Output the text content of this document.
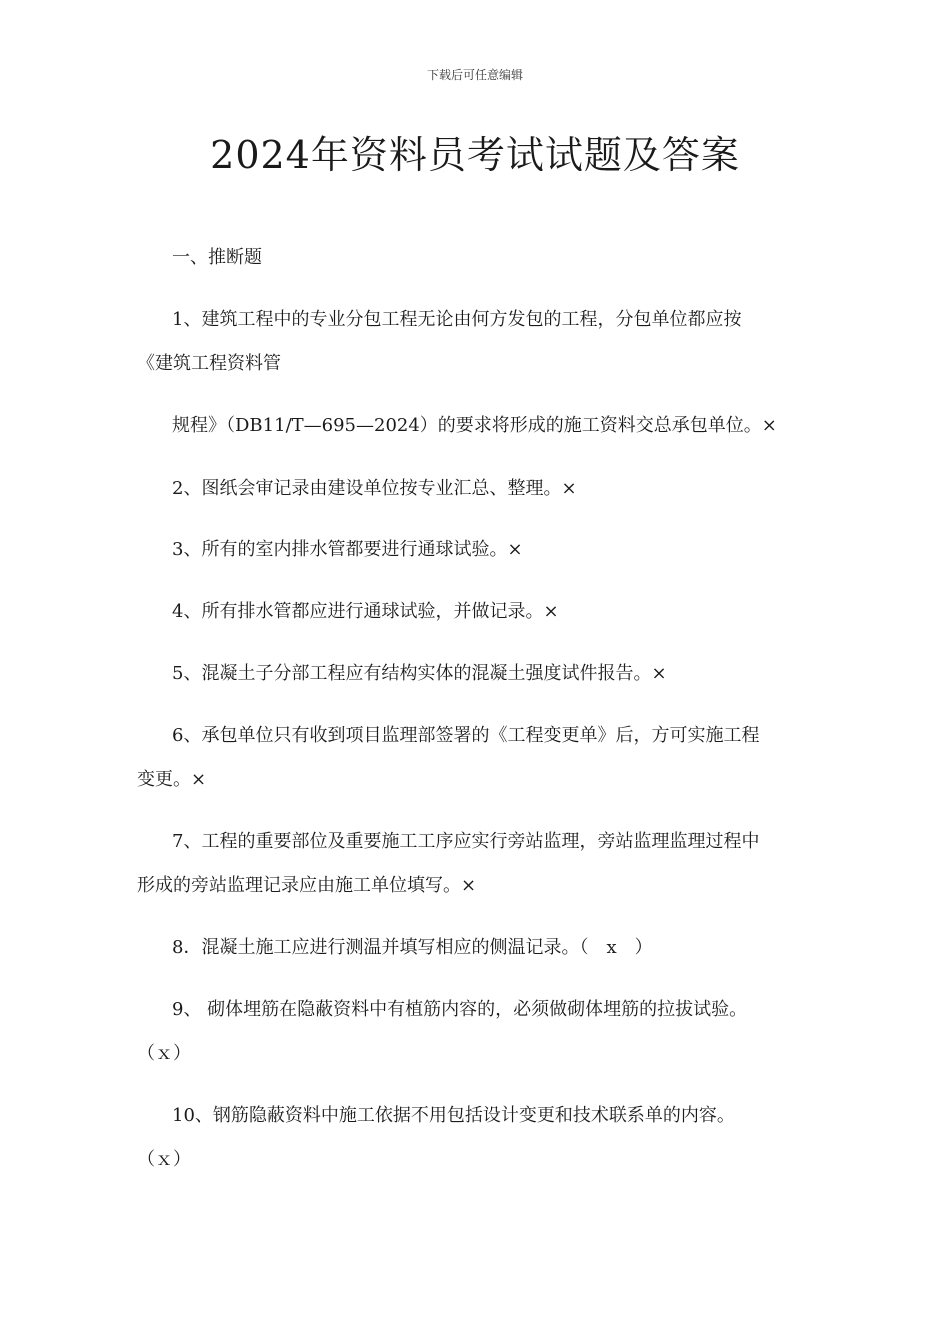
下载后可任意编辑
2024年资料员考试试题及答案
一、推断题
1、建筑工程中的专业分包工程无论由何方发包的工程，分包单位都应按
《建筑工程资料管
规程》（DB11/T—695—2024）的要求将形成的施工资料交总承包单位。×
2、图纸会审记录由建设单位按专业汇总、整理。×
3、所有的室内排水管都要进行通球试验。×
4、所有排水管都应进行通球试验，并做记录。×
5、混凝土子分部工程应有结构实体的混凝土强度试件报告。×
6、承包单位只有收到项目监理部签署的《工程变更单》后，方可实施工程
变更。×
7、工程的重要部位及重要施工工序应实行旁站监理，旁站监理监理过程中
形成的旁站监理记录应由施工单位填写。×
8．混凝土施工应进行测温并填写相应的侧温记录。（　x　）
9、 砌体埋筋在隐蔽资料中有植筋内容的，必须做砌体埋筋的拉拔试验。
（ｘ）
10、钢筋隐蔽资料中施工依据不用包括设计变更和技术联系单的内容。
（ｘ）
